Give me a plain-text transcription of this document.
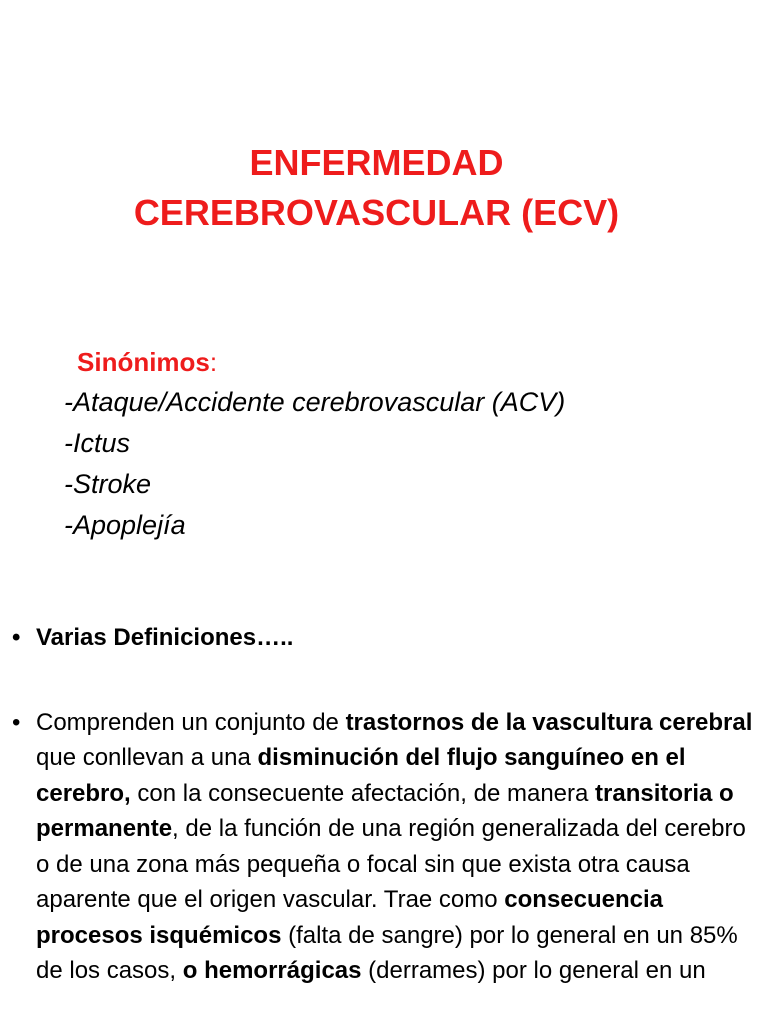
ENFERMEDAD
CEREBROVASCULAR (ECV)
Sinónimos:
-Ataque/Accidente cerebrovascular (ACV)
-Ictus
-Stroke
-Apoplejía
• Varias Definiciones…..
• Comprenden un conjunto de trastornos de la vascultura cerebral que conllevan a una disminución del flujo sanguíneo en el cerebro, con la consecuente afectación, de manera transitoria o permanente, de la función de una región generalizada del cerebro o de una zona más pequeña o focal sin que exista otra causa aparente que el origen vascular. Trae como consecuencia procesos isquémicos (falta de sangre) por lo general en un 85% de los casos, o hemorrágicas (derrames) por lo general en un
